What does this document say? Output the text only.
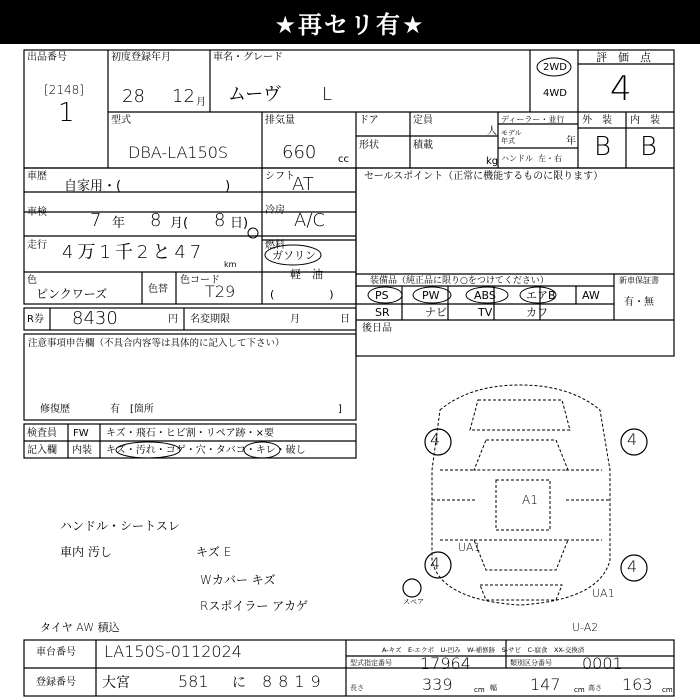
★再セリ有★
出品番号
[2148]
1
初度登録年月
28 12 月
車名・グレード
ムーヴ L
2WD
4WD
評　価　点
4
型式
DBA-LA150S
排気量
660 cc
ドア
形状
定員
人
積載
kg
ディーラー・並行
モデル年式	年
ハンドル 左・右
外　装 内　装
B B
車歴
自家用・(　　　　　　　　)
シフト
AT
車検 7 年 8 月( 8 日)
冷房 A/C
走行 4万1千2と47
km
燃料
ガソリン
軽　油
(　　　　　)
色
ピンクワーズ	色替
色コード
T29
R券 8430	円 名変期限	月	日
セールスポイント（正常に機能するものに限ります）
装備品（純正品に限り○をつけてください）	新車保証書
有・無
PS	PW	ABS	エアB AW
SR	ナビ	TV	カワ
後日品
注意事項申告欄（不具合内容等は具体的に記入して下さい）
修復歴	有　[箇所	]
検査員
記入欄
FW キズ・飛石・ヒビ割・リペア跡・×要
内装 キズ・汚れ・コゲ・穴・タバコ・キレ・破し
ハンドル・シートスレ
車内 汚し	キズ E
Wカバー キズ
Rスポイラー アカゲ
タイヤ AW 積込
4	4
4	4
A1
UA1
UA1
U-A2
スペア
A-キズ　E-エクボ　U-凹み　W-補修跡　S-サビ　C-腐食　XX-交換済
車台番号 LA150S-0112024
登録番号 大宮	581 に 8819
型式指定番号 17964	類別区分番号 0001
長さ	339	cm 幅 147 cm 高さ 163 cm
